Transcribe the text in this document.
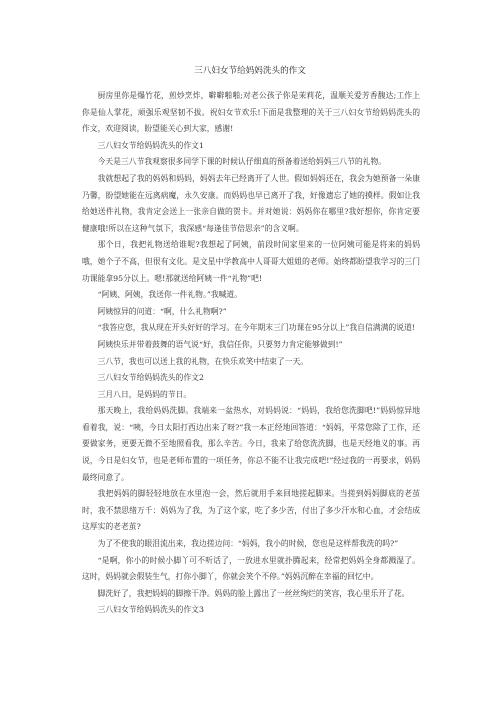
三八妇女节给妈妈洗头的作文

厨房里你是爆竹花，煎炒烹炸，噼噼啪啪;对老公孩子你是茉莉花，温顺关爱芳香馥达;工作上你是仙人掌花，顽强乐观坚韧不拔。祝妇女节欢乐!下面是我整理的关于三八妇女节给妈妈洗头的作文，欢迎阅读，盼望能关心到大家，感谢!

三八妇女节给妈妈洗头的作文1

今天是三八节我观察很多同学下课的时候认仔细真的预备着送给妈妈三八节的礼物。

我就想起了我的妈妈和妈妈，妈妈去年已经离开了人世。假如妈妈还在，我会为她预备一朵康乃馨，盼望她能在远离病魔，永久安康。而妈妈也早已离开了我，好像遗忘了她的摸样。假如让我给她送件礼物，我肯定会送上一张亲自做的贺卡。并对她说：妈妈你在哪里?我好想你，你肯定要健康哦!所以在这种气氛下，我深感“每逢佳节倍思亲”的含义啊。

那个日，我把礼物送给谁呢?我想起了阿姨，前段时间家里来的一位阿姨可能是将来的妈妈哦，她个子不高，但很有文化。是文星中学教高中人哥哥大姐姐的老师。始终都盼望我学习的三门功课能拿95分以上。嗯!那就送给阿姨一件“礼物”吧!

“阿姨、阿姨，我送你一件礼物。”我喊道。

阿姨惊异的问道：“啊，什么礼物啊?”

“我答应您，我从现在开头好好的学习。在今年期末三门功课在95分以上”我自信满满的说道!

阿姨快乐并带着鼓舞的语气说“好，我信任你，只要努力肯定能够做到!”

三八节，我也可以送上我的礼物，在快乐欢笑中结束了一天。

三八妇女节给妈妈洗头的作文2

三月八日，是妈妈的节日。

那天晚上，我给妈妈洗脚。我端来一盆热水，对妈妈说：“妈妈，我给您洗脚吧!”妈妈惊异地看着我，说：“咦，今日太阳打西边出来了呀?”我一本正经地回答道：“妈妈，平常您除了工作，还要做家务，更要无微不至地照看我，那么辛苦。今日，我来了给您洗洗脚，也是天经地义的事。再说，今日是妇女节，也是老师布置的一项任务，你总不能不让我完成吧!”经过我的一再要求，妈妈最终同意了。

我把妈妈的脚轻轻地放在水里泡一会，然后就用手来回地搓起脚来。当搓到妈妈脚底的老茧时，我不禁思绪万千：妈妈为了我，为了这个家，吃了多少苦，付出了多少汗水和心血，才会结成这厚实的老老茧?

为了不使我的眼泪流出来，我边搓边问：“妈妈，我小的时候，您也是这样帮我洗的吗?”

“是啊，你小的时候小脚丫可不听话了，一放进水里就扑腾起来，经常把妈妈全身都溅湿了。这时，妈妈就会假装生气，打你小脚丫，你就会笑个不停。”妈妈沉醉在幸福的回忆中。

脚洗好了，我把妈妈的脚擦干净。妈妈的脸上露出了一丝丝绚烂的笑容，我心里乐开了花。

三八妇女节给妈妈洗头的作文3
